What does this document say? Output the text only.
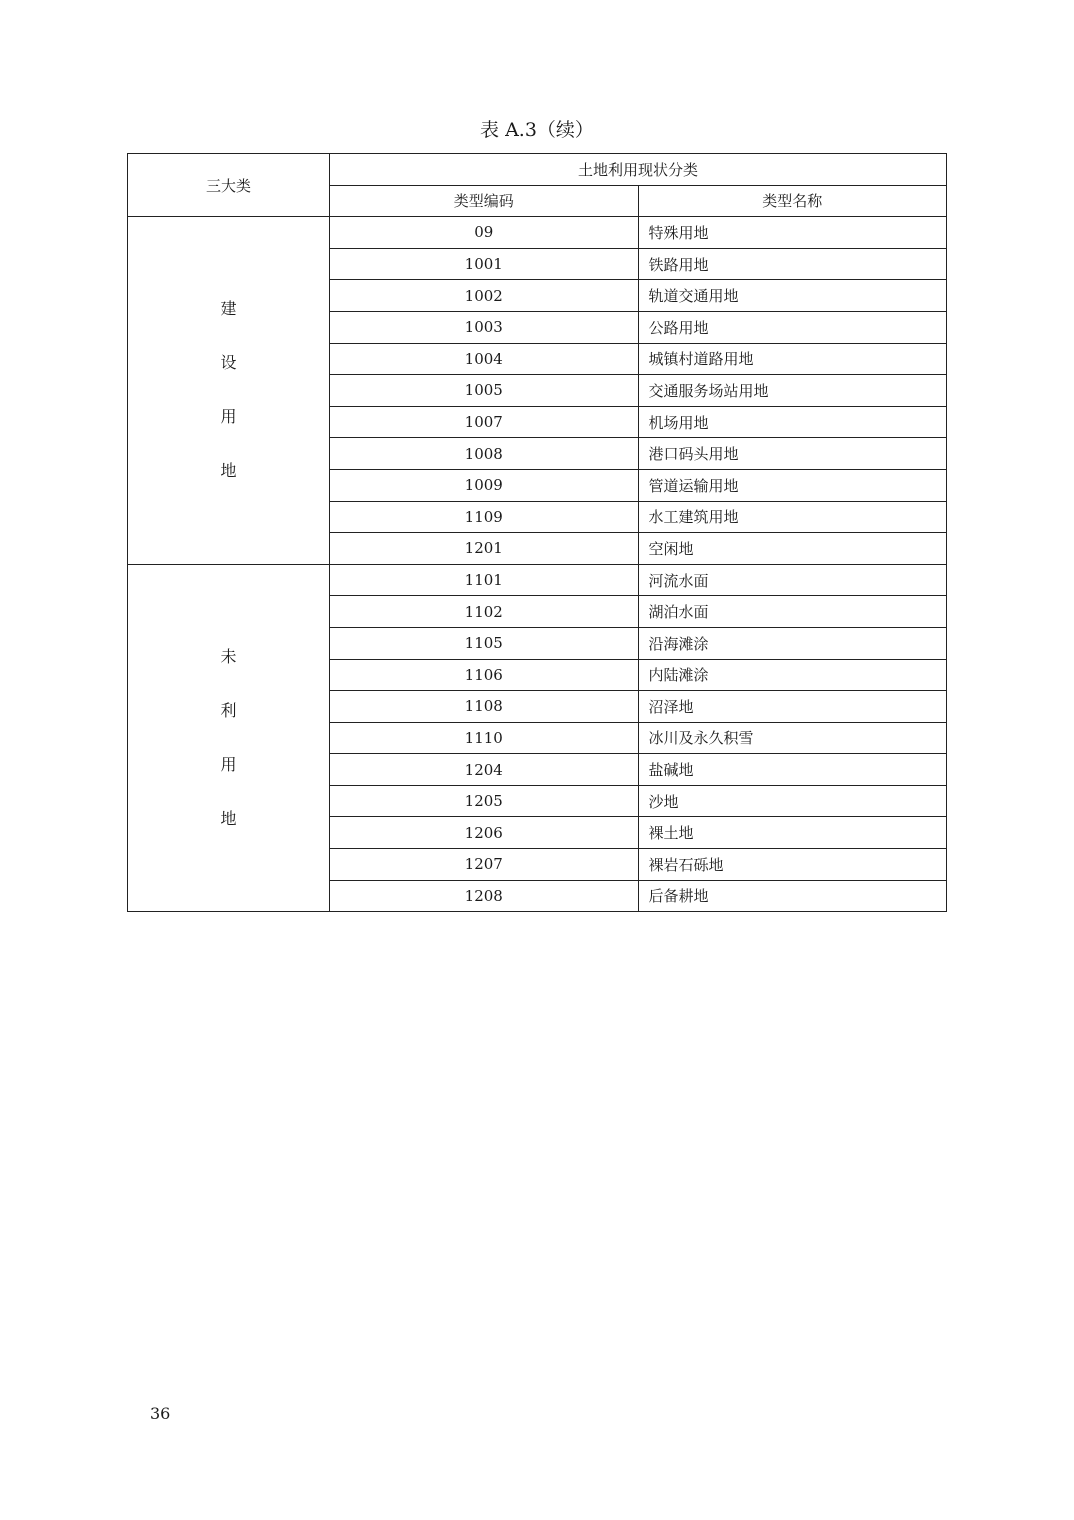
表 A.3（续）
三大类	土地利用现状分类	
	类型编码	类型名称

建
设
用
地	09	特殊用地
	1001	铁路用地
	1002	轨道交通用地
	1003	公路用地
	1004	城镇村道路用地
	1005	交通服务场站用地
	1007	机场用地
	1008	港口码头用地
	1009	管道运输用地
	1109	水工建筑用地
	1201	空闲地

未
利
用
地	1101	河流水面
	1102	湖泊水面
	1105	沿海滩涂
	1106	内陆滩涂
	1108	沼泽地
	1110	冰川及永久积雪
	1204	盐碱地
	1205	沙地
	1206	裸土地
	1207	裸岩石砾地
	1208	后备耕地
36
